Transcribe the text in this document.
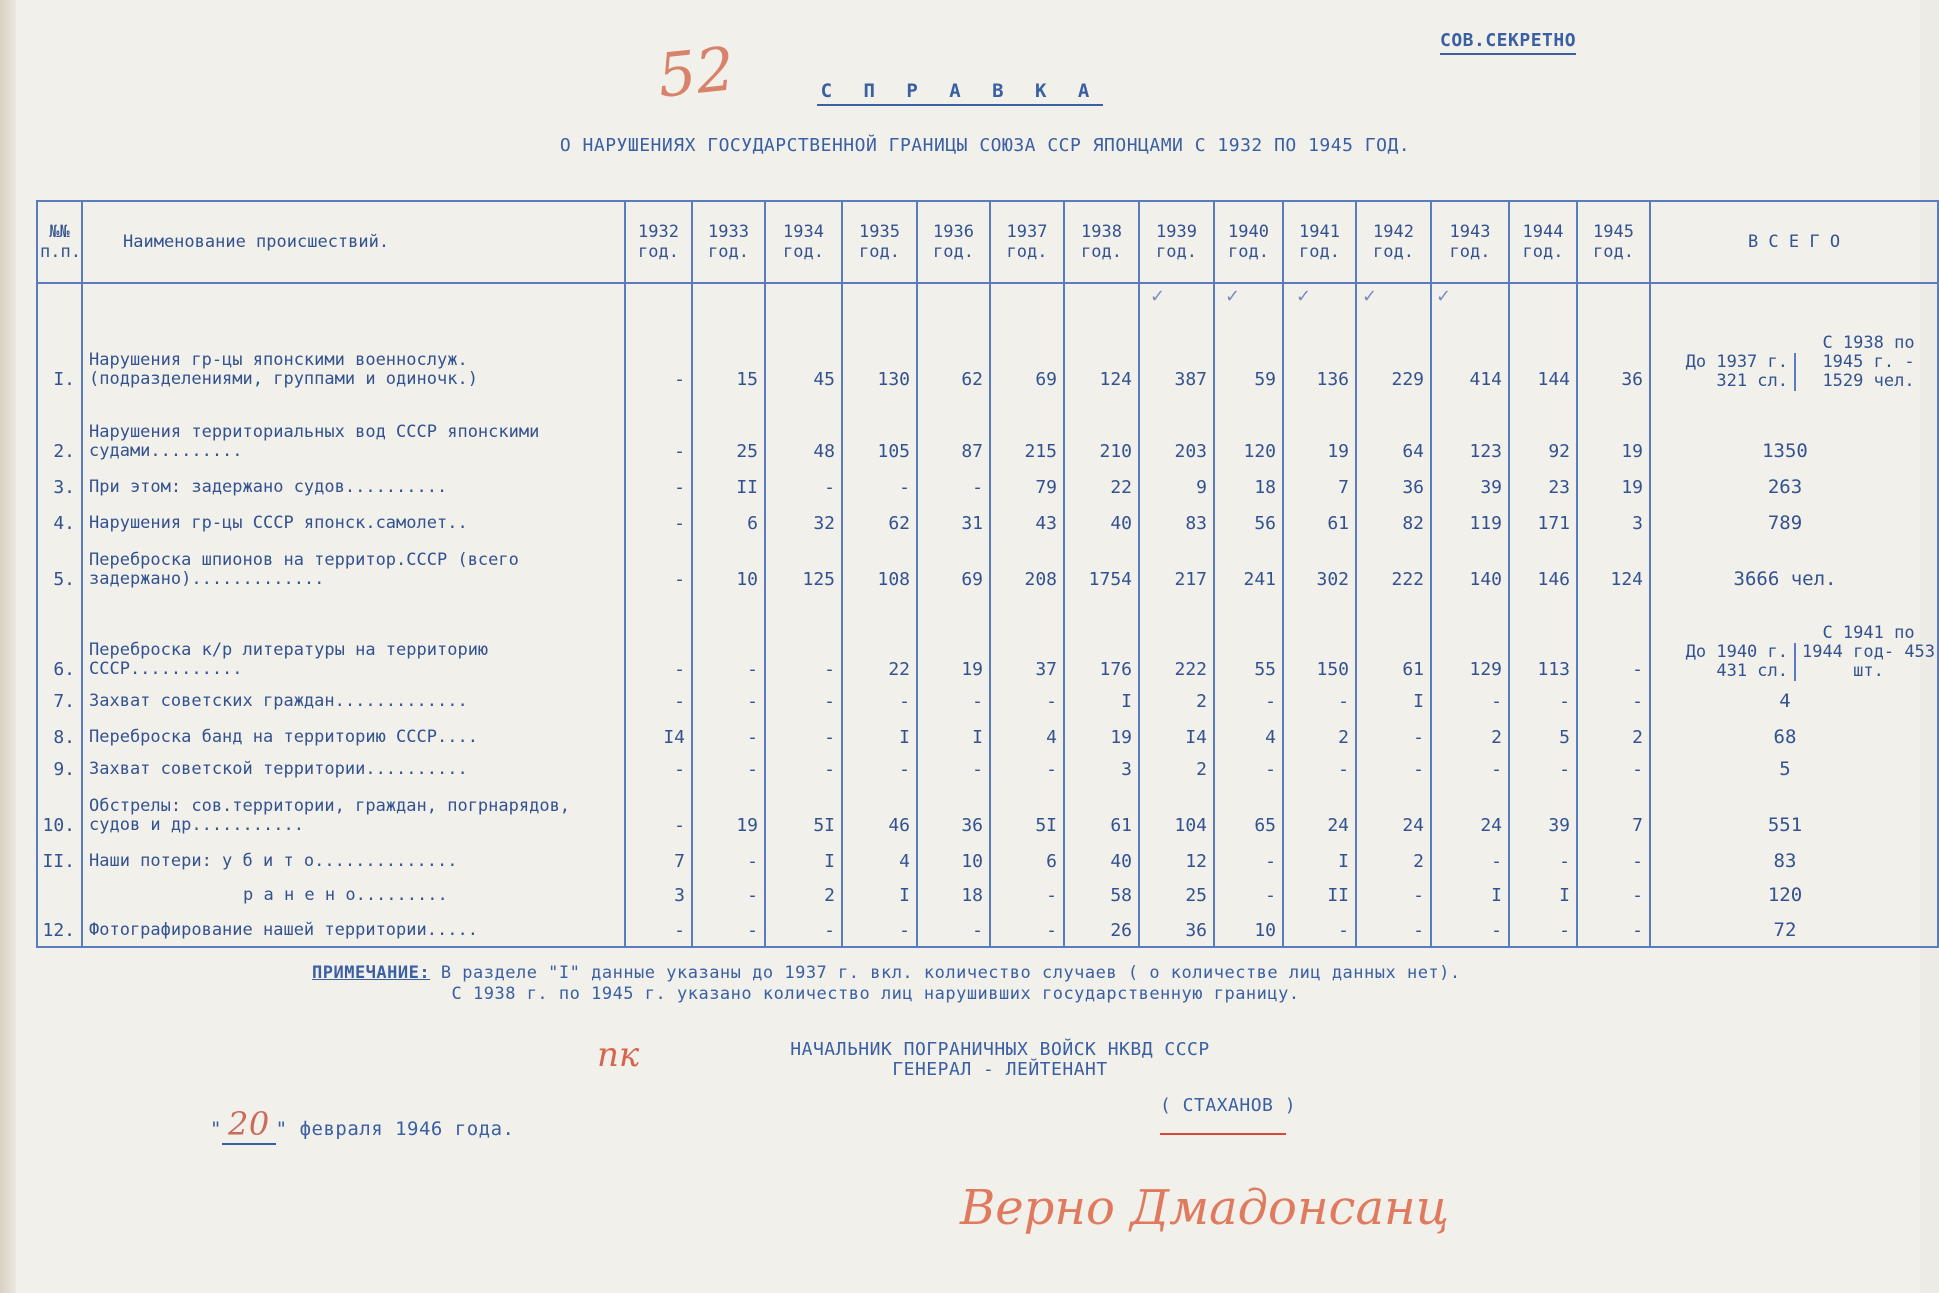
СОВ.СЕКРЕТНО
52	С П Р А В К А
О НАРУШЕНИЯХ ГОСУДАРСТВЕННОЙ ГРАНИЦЫ СОЮЗА ССР ЯПОНЦАМИ С 1932 ПО 1945 ГОД.
✓	✓	✓	✓	✓
№№ п.п.	Наименование происшествий.	1932 год.	1933 год.	1934 год.	1935 год.	1936 год.	1937 год.	1938 год.	1939 год.	1940 год.	1941 год.	1942 год.	1943 год.	1944 год.	1945 год.	В С Е Г О
I.	Нарушения гр-цы японскими военнослуж. (подразделениями, группами и одиночк.)	-	15	45	130	62	69	124	387	59	136	229	414	144	36	До 1937 г. 321 сл.
С 1938 по 1945 г. - 1529 чел.

2.	Нарушения территориальных вод СССР японскими судами.........	-	25	48	105	87	215	210	203	120	19	64	123	92	19	1350
3.	При этом: задержано судов..........	-	II	-	-	-	79	22	9	18	7	36	39	23	19	263
4.	Нарушения гр-цы СССР японск.самолет..	-	6	32	62	31	43	40	83	56	61	82	119	171	3	789
5.	Переброска шпионов на территор.СССР (всего задержано).............	-	10	125	108	69	208	1754	217	241	302	222	140	146	124	3666 чел.
6.	Переброска к/р литературы на территорию СССР...........	-	-	-	22	19	37	176	222	55	150	61	129	113	-	До 1940 г. 431 сл.
С 1941 по 1944 год- 453 шт.

7.	Захват советских граждан.............	-	-	-	-	-	-	I	2	-	-	I	-	-	-	4
8.	Переброска банд на территорию СССР....	I4	-	-	I	I	4	19	I4	4	2	-	2	5	2	68
9.	Захват советской территории..........	-	-	-	-	-	-	3	2	-	-	-	-	-	-	5
10.	Обстрелы: сов.территории, граждан, погрнарядов, судов и др...........	-	19	5I	46	36	5I	61	104	65	24	24	24	39	7	551
II.	Наши потери: у б и т о..............	7	-	I	4	10	6	40	12	-	I	2	-	-	-	83
	р а н е н о.........	3	-	2	I	18	-	58	25	-	II	-	I	I	-	120
12.	Фотографирование нашей территории.....	-	-	-	-	-	-	26	36	10	-	-	-	-	-	72
ПРИМЕЧАНИЕ: В разделе "I" данные указаны до 1937 г. вкл. количество случаев ( о количестве лиц данных нет).
С 1938 г. по 1945 г. указано количество лиц нарушивших государственную границу.
пк	НАЧАЛЬНИК ПОГРАНИЧНЫХ ВОЙСК НКВД СССР
ГЕНЕРАЛ - ЛЕЙТЕНАНТ
" 20 " февраля 1946 года.
( СТАХАНОВ )
Верно Дмадонсанц
